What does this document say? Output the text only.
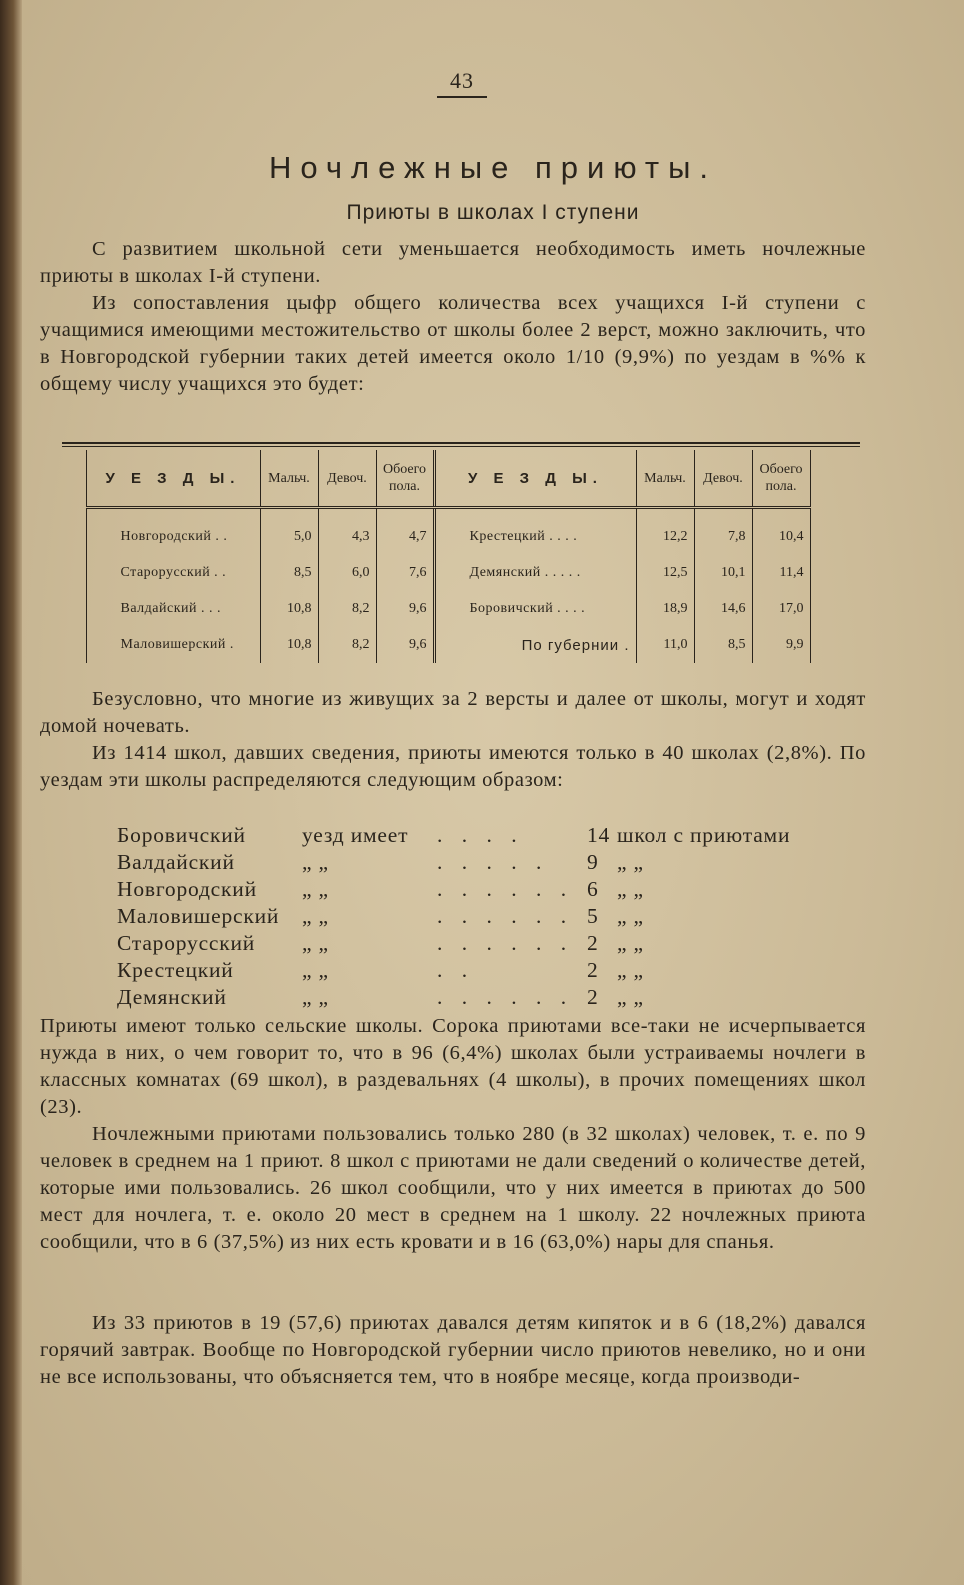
43
Ночлежные приюты.
Приюты в школах I ступени
С развитием школьной сети уменьшается необходимость иметь ночлежные приюты в школах I-й ступени.
Из сопоставления цыфр общего количества всех учащихся I-й ступени с учащимися имеющими местожительство от школы более 2 верст, можно заключить, что в Новгородской губернии таких детей имеется около 1/10 (9,9%) по уездам в %% к общему числу учащихся это будет:
	У Е З Д Ы.	Мальч.	Девоч.	Обоего пола.	У Е З Д Ы.	Мальч.	Девоч.	Обоего пола.	

	Новгородский . .	5,0	4,3	4,7	Крестецкий . . . .	12,2	7,8	10,4	
	Старорусский . .	8,5	6,0	7,6	Демянский . . . . .	12,5	10,1	11,4	
	Валдайский . . .	10,8	8,2	9,6	Боровичский . . . .	18,9	14,6	17,0	
	Маловишерский .	10,8	8,2	9,6	По губернии .	11,0	8,5	9,9	
Безусловно, что многие из живущих за 2 версты и далее от школы, могут и ходят домой ночевать.
Из 1414 школ, давших сведения, приюты имеются только в 40 школах (2,8%). По уездам эти школы распределяются следующим образом:
Боровичский	уезд имеет . . . .	14 школ с приютами
Валдайский	„ „	. . . . . 9 „ „
Новгородский „ „	. . . . . . 6 „ „
Маловишерский „ „	. . . . . . 5 „ „
Старорусский „ „	. . . . . . 2 „ „
Крестецкий	„ „	. .	2 „ „
Демянский	„ „	. . . . . . 2 „ „
Приюты имеют только сельские школы. Сорока приютами все-таки не исчерпывается нужда в них, о чем говорит то, что в 96 (6,4%) школах были устраиваемы ночлеги в классных комнатах (69 школ), в раздевальнях (4 школы), в прочих помещениях школ (23).
Ночлежными приютами пользовались только 280 (в 32 школах) человек, т. е. по 9 человек в среднем на 1 приют. 8 школ с приютами не дали сведений о количестве детей, которые ими пользовались. 26 школ сообщили, что у них имеется в приютах до 500 мест для ночлега, т. е. около 20 мест в среднем на 1 школу. 22 ночлежных приюта сообщили, что в 6 (37,5%) из них есть кровати и в 16 (63,0%) нары для спанья.
Из 33 приютов в 19 (57,6) приютах давался детям кипяток и в 6 (18,2%) давался горячий завтрак. Вообще по Новгородской губернии число приютов невелико, но и они не все использованы, что объясняется тем, что в ноябре месяце, когда производи-
